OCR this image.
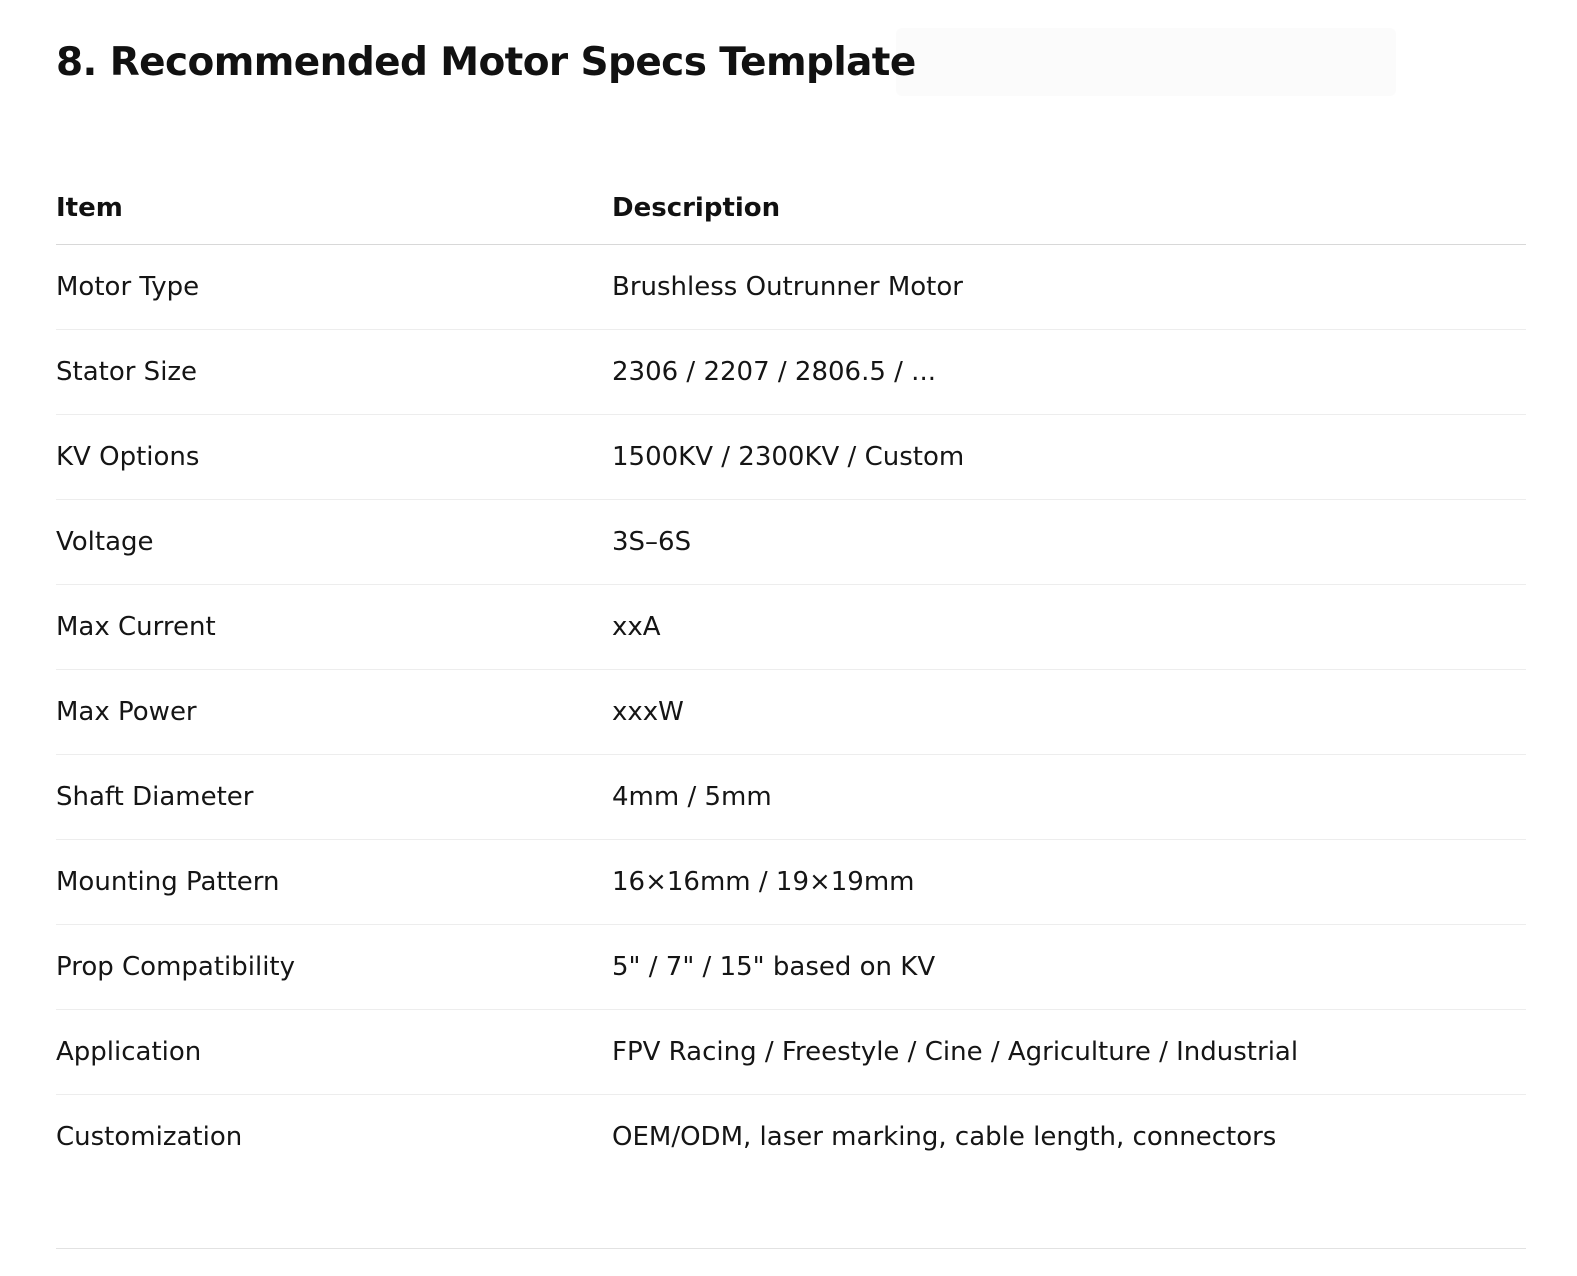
8. Recommended Motor Specs Template
Item	Description
Motor Type	Brushless Outrunner Motor
Stator Size	2306 / 2207 / 2806.5 / ...
KV Options	1500KV / 2300KV / Custom
Voltage	3S–6S
Max Current	xxA
Max Power	xxxW
Shaft Diameter	4mm / 5mm
Mounting Pattern	16×16mm / 19×19mm
Prop Compatibility	5" / 7" / 15" based on KV
Application	FPV Racing / Freestyle / Cine / Agriculture / Industrial
Customization	OEM/ODM, laser marking, cable length, connectors
